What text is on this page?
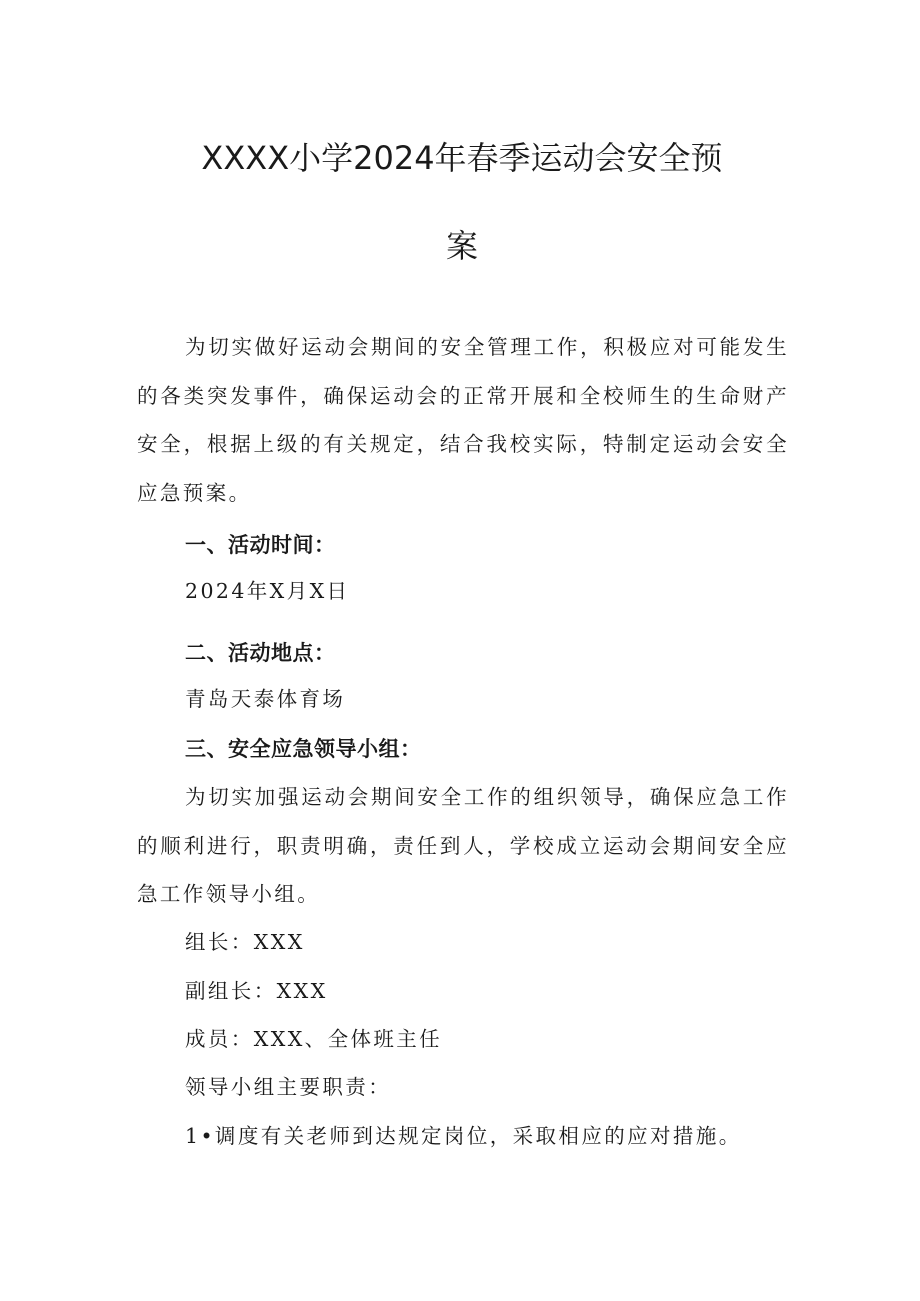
XXXX小学2024年春季运动会安全预
案

为切实做好运动会期间的安全管理工作，积极应对可能发生的各类突发事件，确保运动会的正常开展和全校师生的生命财产安全，根据上级的有关规定，结合我校实际，特制定运动会安全应急预案。

一、活动时间：

2024年X月X日

二、活动地点：

青岛天泰体育场

三、安全应急领导小组：

为切实加强运动会期间安全工作的组织领导，确保应急工作的顺利进行，职责明确，责任到人，学校成立运动会期间安全应急工作领导小组。

组长：XXX

副组长：XXX

成员：XXX、全体班主任

领导小组主要职责：

1•调度有关老师到达规定岗位，采取相应的应对措施。
